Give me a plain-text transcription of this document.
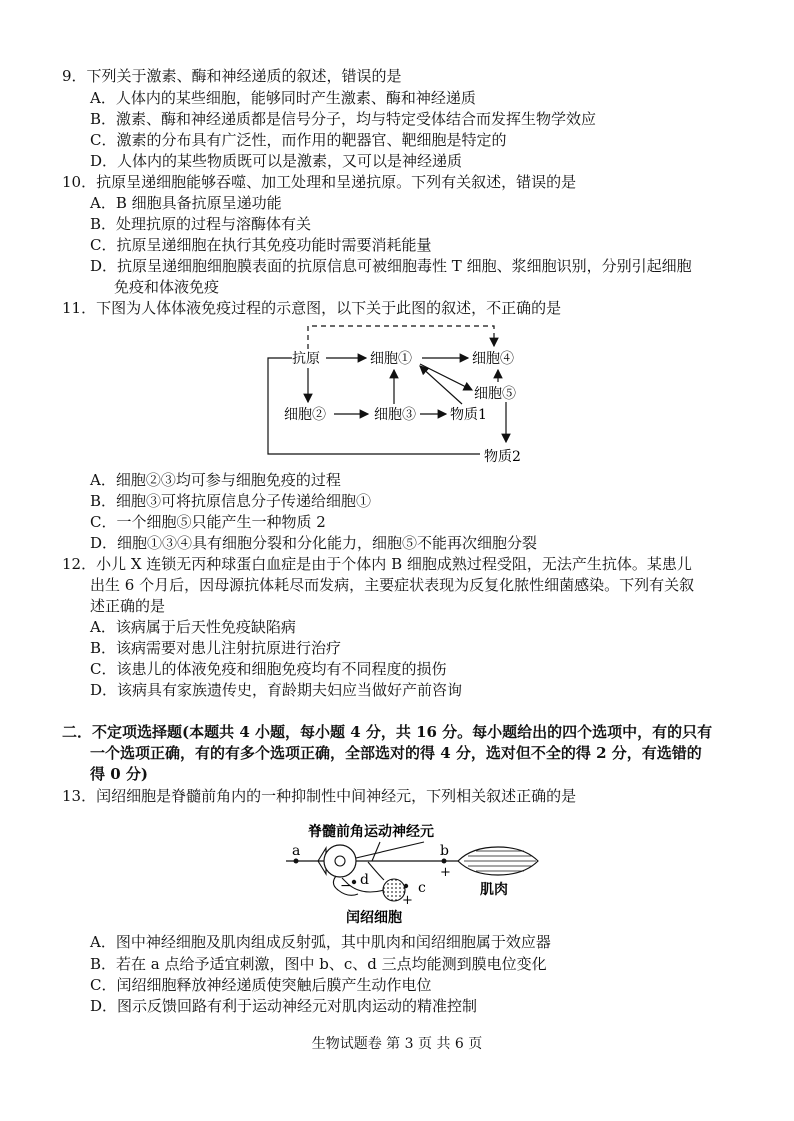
9．下列关于激素、酶和神经递质的叙述，错误的是
A．人体内的某些细胞，能够同时产生激素、酶和神经递质
B．激素、酶和神经递质都是信号分子，均与特定受体结合而发挥生物学效应
C．激素的分布具有广泛性，而作用的靶器官、靶细胞是特定的
D．人体内的某些物质既可以是激素，又可以是神经递质
10．抗原呈递细胞能够吞噬、加工处理和呈递抗原。下列有关叙述，错误的是
A．B 细胞具备抗原呈递功能
B．处理抗原的过程与溶酶体有关
C．抗原呈递细胞在执行其免疫功能时需要消耗能量
D．抗原呈递细胞细胞膜表面的抗原信息可被细胞毒性 T 细胞、浆细胞识别，分别引起细胞
免疫和体液免疫
11．下图为人体体液免疫过程的示意图，以下关于此图的叙述，不正确的是
抗原	细胞①	细胞④
细胞⑤
细胞②	细胞③ 物质1
物质2
A．细胞②③均可参与细胞免疫的过程
B．细胞③可将抗原信息分子传递给细胞①
C．一个细胞⑤只能产生一种物质 2
D．细胞①③④具有细胞分裂和分化能力，细胞⑤不能再次细胞分裂
12．小儿 X 连锁无丙种球蛋白血症是由于个体内 B 细胞成熟过程受阻，无法产生抗体。某患儿
出生 6 个月后，因母源抗体耗尽而发病，主要症状表现为反复化脓性细菌感染。下列有关叙
述正确的是
A．该病属于后天性免疫缺陷病
B．该病需要对患儿注射抗原进行治疗
C．该患儿的体液免疫和细胞免疫均有不同程度的损伤
D．该病具有家族遗传史，育龄期夫妇应当做好产前咨询
二．不定项选择题(本题共 4 小题，每小题 4 分，共 16 分。每小题给出的四个选项中，有的只有
一个选项正确，有的有多个选项正确，全部选对的得 4 分，选对但不全的得 2 分，有选错的
得 0 分)
13．闰绍细胞是脊髓前角内的一种抑制性中间神经元，下列相关叙述正确的是
脊髓前角运动神经元
a
− d	c
+
b
+
肌肉
闰绍细胞
A．图中神经细胞及肌肉组成反射弧，其中肌肉和闰绍细胞属于效应器
B．若在 a 点给予适宜刺激，图中 b、c、d 三点均能测到膜电位变化
C．闰绍细胞释放神经递质使突触后膜产生动作电位
D．图示反馈回路有利于运动神经元对肌肉运动的精准控制
生物试题卷 第 3 页 共 6 页
